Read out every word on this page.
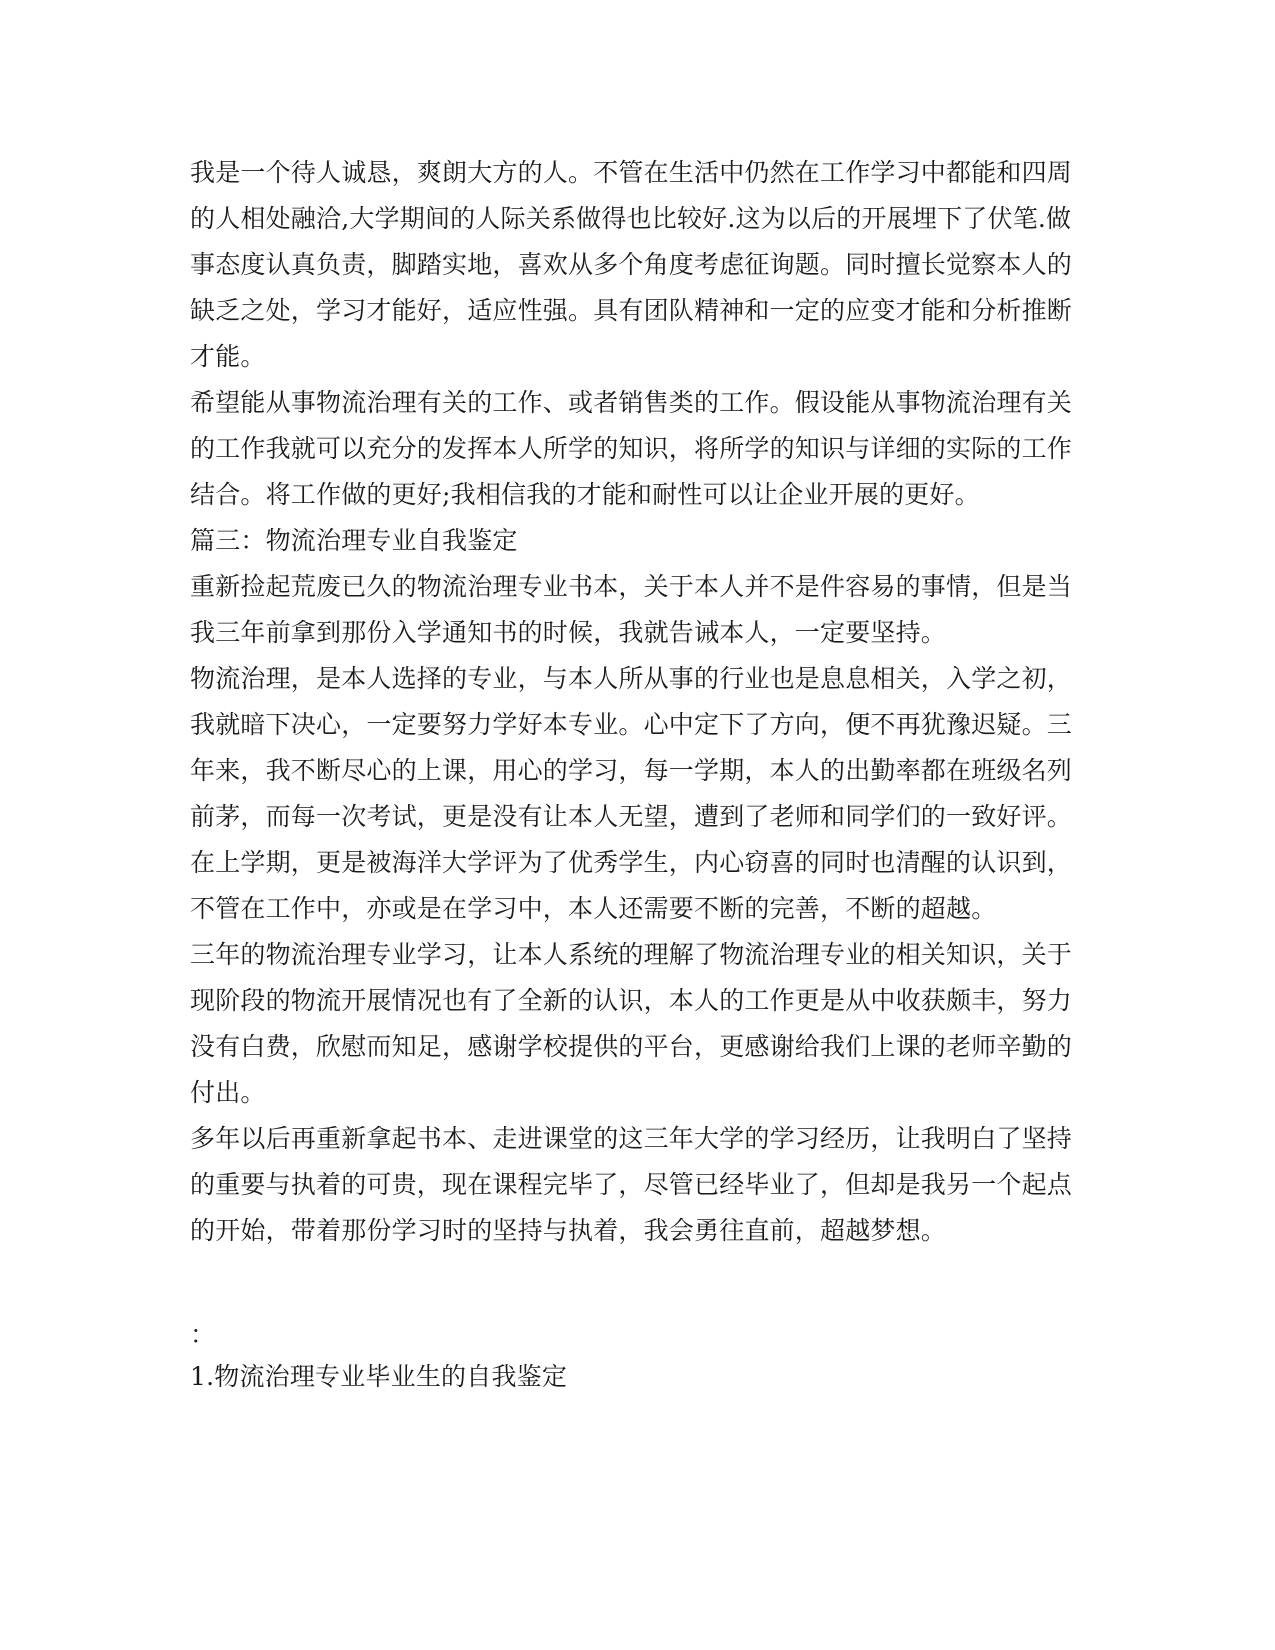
我是一个待人诚恳，爽朗大方的人。不管在生活中仍然在工作学习中都能和四周
的人相处融洽,大学期间的人际关系做得也比较好.这为以后的开展埋下了伏笔.做
事态度认真负责，脚踏实地，喜欢从多个角度考虑征询题。同时擅长觉察本人的
缺乏之处，学习才能好，适应性强。具有团队精神和一定的应变才能和分析推断
才能。
希望能从事物流治理有关的工作、或者销售类的工作。假设能从事物流治理有关
的工作我就可以充分的发挥本人所学的知识，将所学的知识与详细的实际的工作
结合。将工作做的更好;我相信我的才能和耐性可以让企业开展的更好。
篇三：物流治理专业自我鉴定
重新捡起荒废已久的物流治理专业书本，关于本人并不是件容易的事情，但是当
我三年前拿到那份入学通知书的时候，我就告诫本人，一定要坚持。
物流治理，是本人选择的专业，与本人所从事的行业也是息息相关，入学之初，
我就暗下决心，一定要努力学好本专业。心中定下了方向，便不再犹豫迟疑。三
年来，我不断尽心的上课，用心的学习，每一学期，本人的出勤率都在班级名列
前茅，而每一次考试，更是没有让本人无望，遭到了老师和同学们的一致好评。
在上学期，更是被海洋大学评为了优秀学生，内心窃喜的同时也清醒的认识到，
不管在工作中，亦或是在学习中，本人还需要不断的完善，不断的超越。
三年的物流治理专业学习，让本人系统的理解了物流治理专业的相关知识，关于
现阶段的物流开展情况也有了全新的认识，本人的工作更是从中收获颇丰，努力
没有白费，欣慰而知足，感谢学校提供的平台，更感谢给我们上课的老师辛勤的
付出。
多年以后再重新拿起书本、走进课堂的这三年大学的学习经历，让我明白了坚持
的重要与执着的可贵，现在课程完毕了，尽管已经毕业了，但却是我另一个起点
的开始，带着那份学习时的坚持与执着，我会勇往直前，超越梦想。
：
1.物流治理专业毕业生的自我鉴定
